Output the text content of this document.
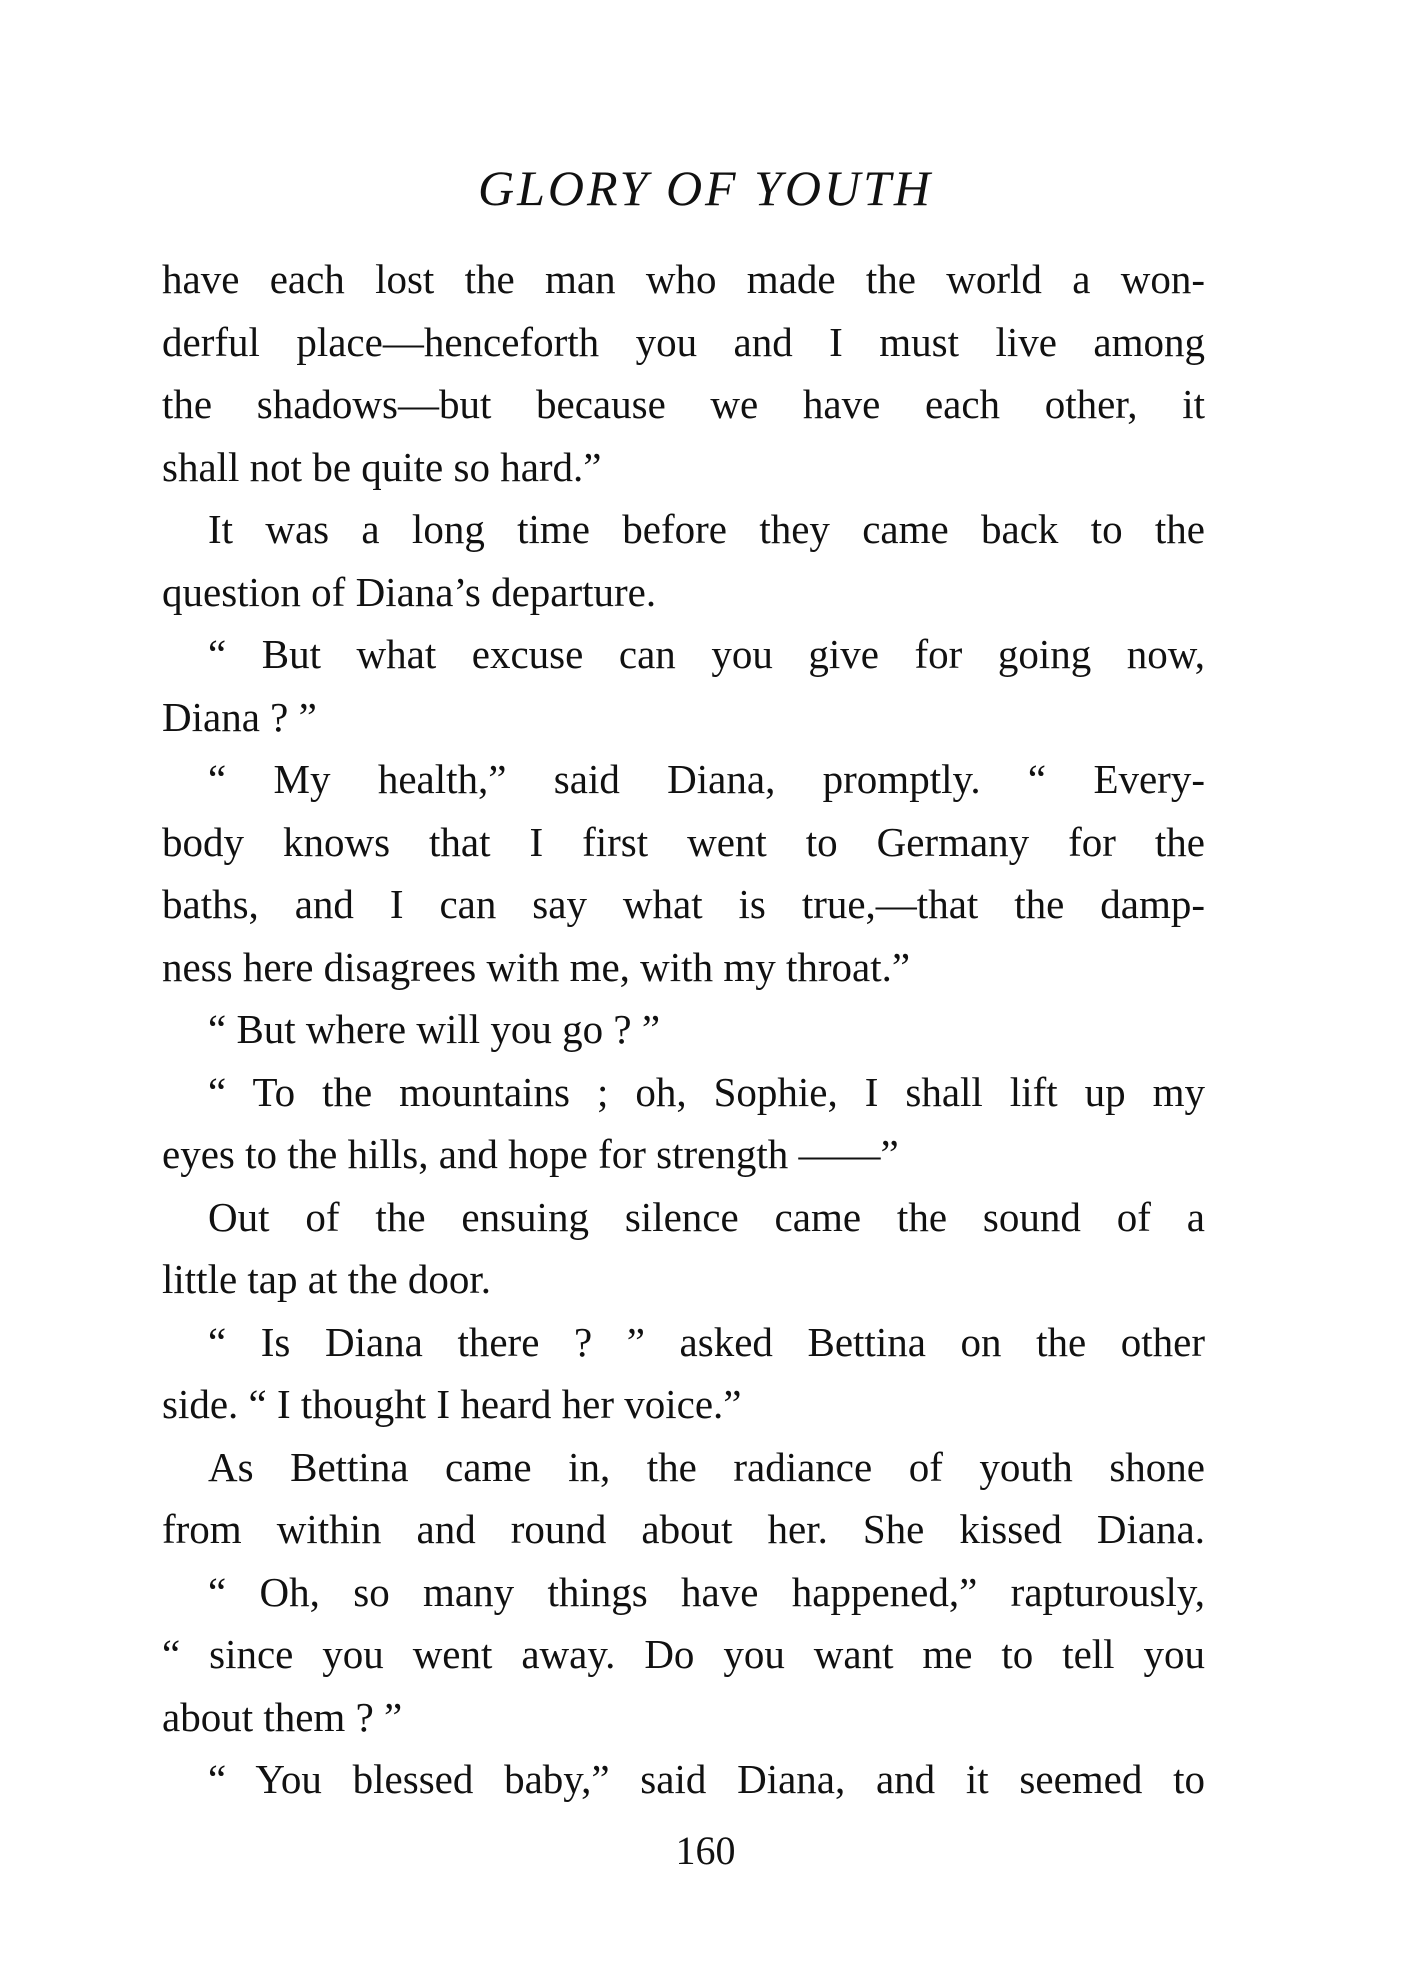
GLORY OF YOUTH
have each lost the man who made the world a won-
derful place—henceforth you and I must live among
the shadows—but because we have each other, it
shall not be quite so hard.”
It was a long time before they came back to the
question of Diana’s departure.
“ But what excuse can you give for going now,
Diana ? ”
“ My health,” said Diana, promptly. “ Every-
body knows that I first went to Germany for the
baths, and I can say what is true,—that the damp-
ness here disagrees with me, with my throat.”
“ But where will you go ? ”
“ To the mountains ; oh, Sophie, I shall lift up my
eyes to the hills, and hope for strength ——”
Out of the ensuing silence came the sound of a
little tap at the door.
“ Is Diana there ? ” asked Bettina on the other
side. “ I thought I heard her voice.”
As Bettina came in, the radiance of youth shone
from within and round about her. She kissed Diana.
“ Oh, so many things have happened,” rapturously,
“ since you went away. Do you want me to tell you
about them ? ”
“ You blessed baby,” said Diana, and it seemed to
160
